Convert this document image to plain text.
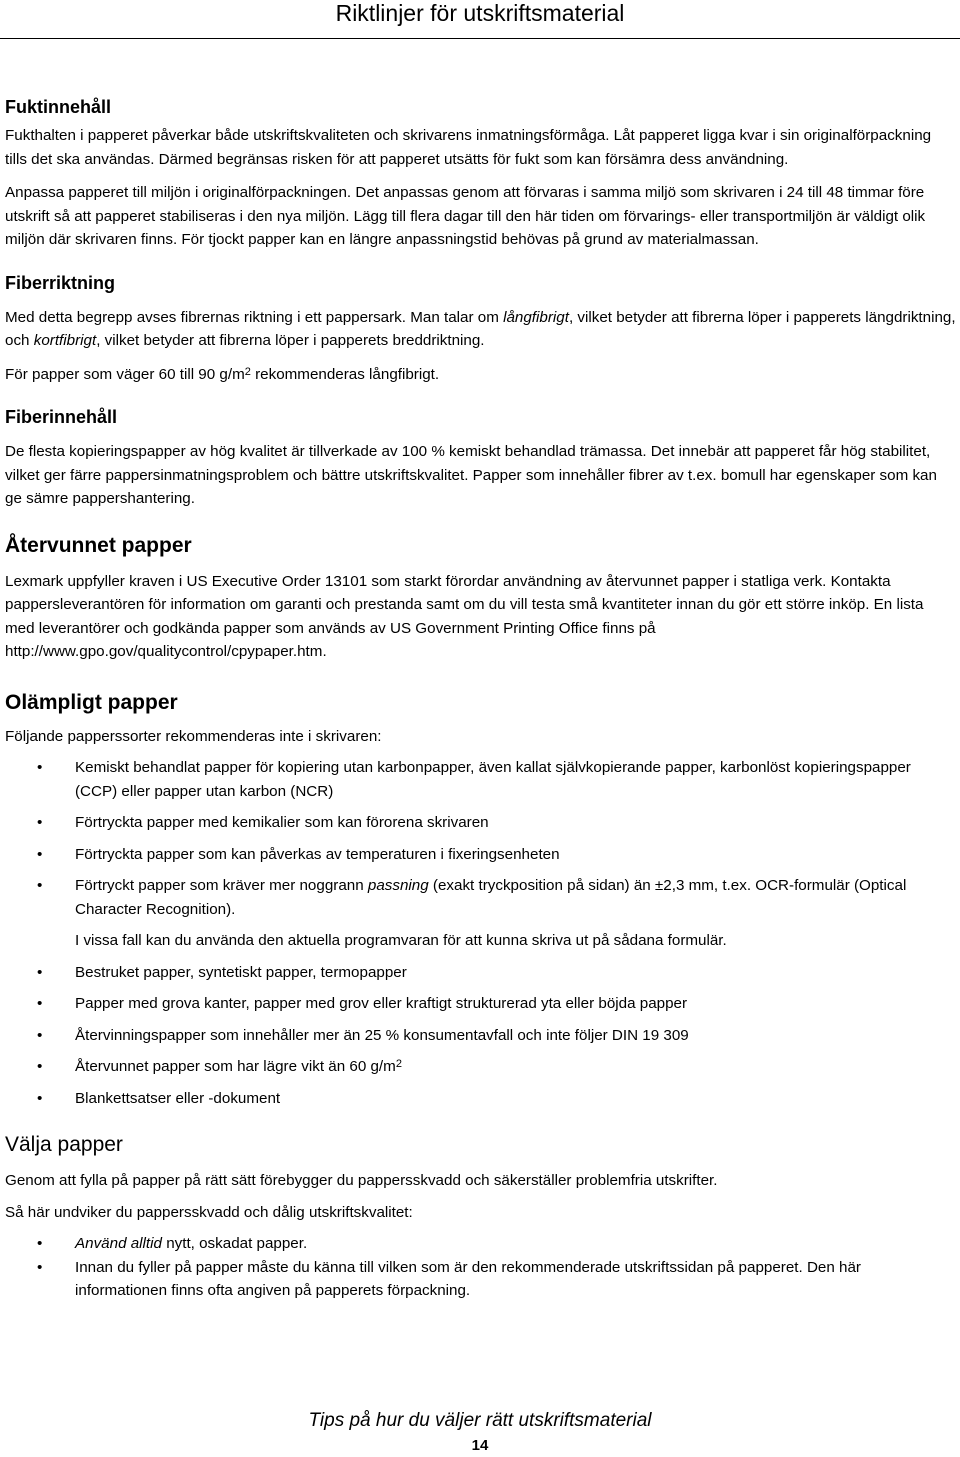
Riktlinjer för utskriftsmaterial
Fuktinnehåll

Fukthalten i papperet påverkar både utskriftskvaliteten och skrivarens inmatningsförmåga. Låt papperet ligga kvar i sin originalförpackning tills det ska användas. Därmed begränsas risken för att papperet utsätts för fukt som kan försämra dess användning.

Anpassa papperet till miljön i originalförpackningen. Det anpassas genom att förvaras i samma miljö som skrivaren i 24 till 48 timmar före utskrift så att papperet stabiliseras i den nya miljön. Lägg till flera dagar till den här tiden om förvarings- eller transportmiljön är väldigt olik miljön där skrivaren finns. För tjockt papper kan en längre anpassningstid behövas på grund av materialmassan.

Fiberriktning

Med detta begrepp avses fibrernas riktning i ett pappersark. Man talar om långfibrigt, vilket betyder att fibrerna löper i papperets längdriktning, och kortfibrigt, vilket betyder att fibrerna löper i papperets breddriktning.

För papper som väger 60 till 90 $g/m^2$ rekommenderas långfibrigt.

Fiberinnehåll

De flesta kopieringspapper av hög kvalitet är tillverkade av 100 % kemiskt behandlad trämassa. Det innebär att papperet får hög stabilitet, vilket ger färre pappersinmatningsproblem och bättre utskriftskvalitet. Papper som innehåller fibrer av t.ex. bomull har egenskaper som kan ge sämre pappershantering.

Återvunnet papper

Lexmark uppfyller kraven i US Executive Order 13101 som starkt förordar användning av återvunnet papper i statliga verk. Kontakta pappersleverantören för information om garanti och prestanda samt om du vill testa små kvantiteter innan du gör ett större inköp. En lista med leverantörer och godkända papper som används av US Government Printing Office finns på http://www.gpo.gov/qualitycontrol/cpypaper.htm.

Olämpligt papper

Följande papperssorter rekommenderas inte i skrivaren:

• Kemiskt behandlat papper för kopiering utan karbonpapper, även kallat självkopierande papper, karbonlöst kopieringspapper (CCP) eller papper utan karbon (NCR)
• Förtryckta papper med kemikalier som kan förorena skrivaren
• Förtryckta papper som kan påverkas av temperaturen i fixeringsenheten
• Förtryckt papper som kräver mer noggrann passning (exakt tryckposition på sidan) än ±2,3 mm, t.ex. OCR-formulär (Optical Character Recognition).
I vissa fall kan du använda den aktuella programvaran för att kunna skriva ut på sådana formulär.
• Bestruket papper, syntetiskt papper, termopapper
• Papper med grova kanter, papper med grov eller kraftigt strukturerad yta eller böjda papper
• Återvinningspapper som innehåller mer än 25 % konsumentavfall och inte följer DIN 19 309
• Återvunnet papper som har lägre vikt än 60 $g/m^2$
• Blankettsatser eller -dokument
Välja papper

Genom att fylla på papper på rätt sätt förebygger du pappersskvadd och säkerställer problemfria utskrifter.

Så här undviker du pappersskvadd och dålig utskriftskvalitet:

• Använd alltid nytt, oskadat papper.
• Innan du fyller på papper måste du känna till vilken som är den rekommenderade utskriftssidan på papperet. Den här informationen finns ofta angiven på papperets förpackning.
Tips på hur du väljer rätt utskriftsmaterial
14
